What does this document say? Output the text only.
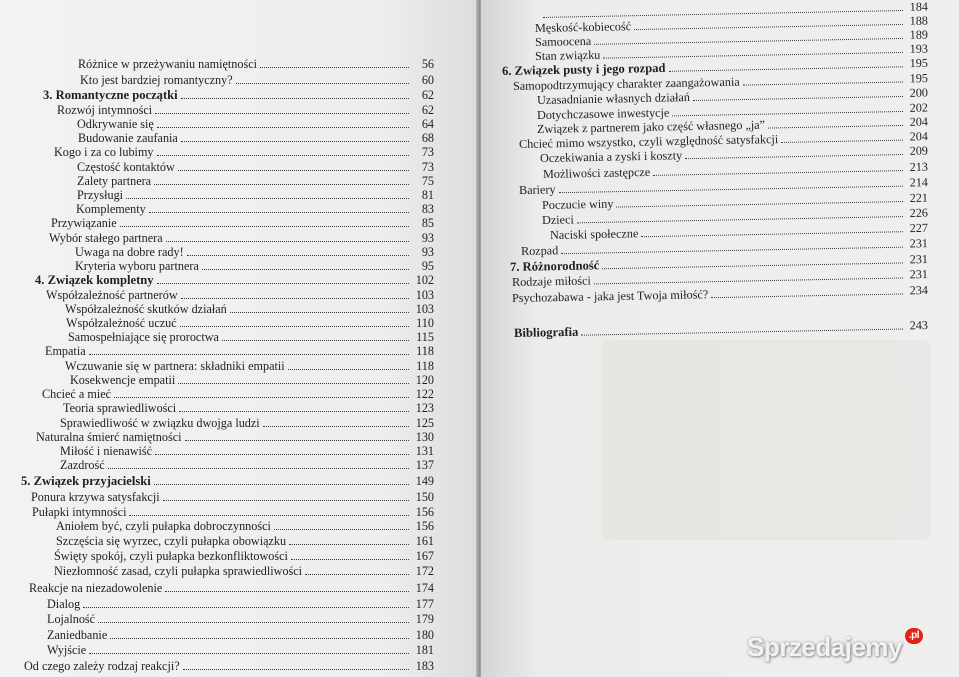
Różnice w przeżywaniu namiętności	56
Kto jest bardziej romantyczny?	60
3. Romantyczne początki	62
Rozwój intymności	62
Odkrywanie się	64
Budowanie zaufania	68
Kogo i za co lubimy	73
Częstość kontaktów	73
Zalety partnera	75
Przysługi	81
Komplementy	83
Przywiązanie	85
Wybór stałego partnera	93
Uwaga na dobre rady!	93
Kryteria wyboru partnera	95
4. Związek kompletny	102
Współzależność partnerów	103
Współzależność skutków działań	103
Współzależność uczuć	110
Samospełniające się proroctwa	115
Empatia	118
Wczuwanie się w partnera: składniki empatii	118
Kosekwencje empatii	120
Chcieć a mieć	122
Teoria sprawiedliwości	123
Sprawiedliwość w związku dwojga ludzi	125
Naturalna śmierć namiętności	130
Miłość i nienawiść	131
Zazdrość	137
5. Związek przyjacielski	149
Ponura krzywa satysfakcji	150
Pułapki intymności	156
Aniołem być, czyli pułapka dobroczynności	156
Szczęścia się wyrzec, czyli pułapka obowiązku	161
Święty spokój, czyli pułapka bezkonfliktowości	167
Niezłomność zasad, czyli pułapka sprawiedliwości	172
Reakcje na niezadowolenie	174
Dialog	177
Lojalność	179
Zaniedbanie	180
Wyjście	181
Od czego zależy rodzaj reakcji?	183
184
Męskość-kobiecość	188
Samoocena	189
Stan związku	193
6. Związek pusty i jego rozpad	195
Samopodtrzymujący charakter zaangażowania	195
Uzasadnianie własnych działań	200
Dotychczasowe inwestycje	202
Związek z partnerem jako część własnego „ja”	204
Chcieć mimo wszystko, czyli względność satysfakcji	204
Oczekiwania a zyski i koszty	209
Możliwości zastępcze	213
Bariery	214
Poczucie winy	221
Dzieci	226
Naciski społeczne	227
Rozpad	231
7. Różnorodność	231
Rodzaje miłości	231
Psychozabawa - jaka jest Twoja miłość?	234
Bibliografia	243
Sprzedajemy .pl
